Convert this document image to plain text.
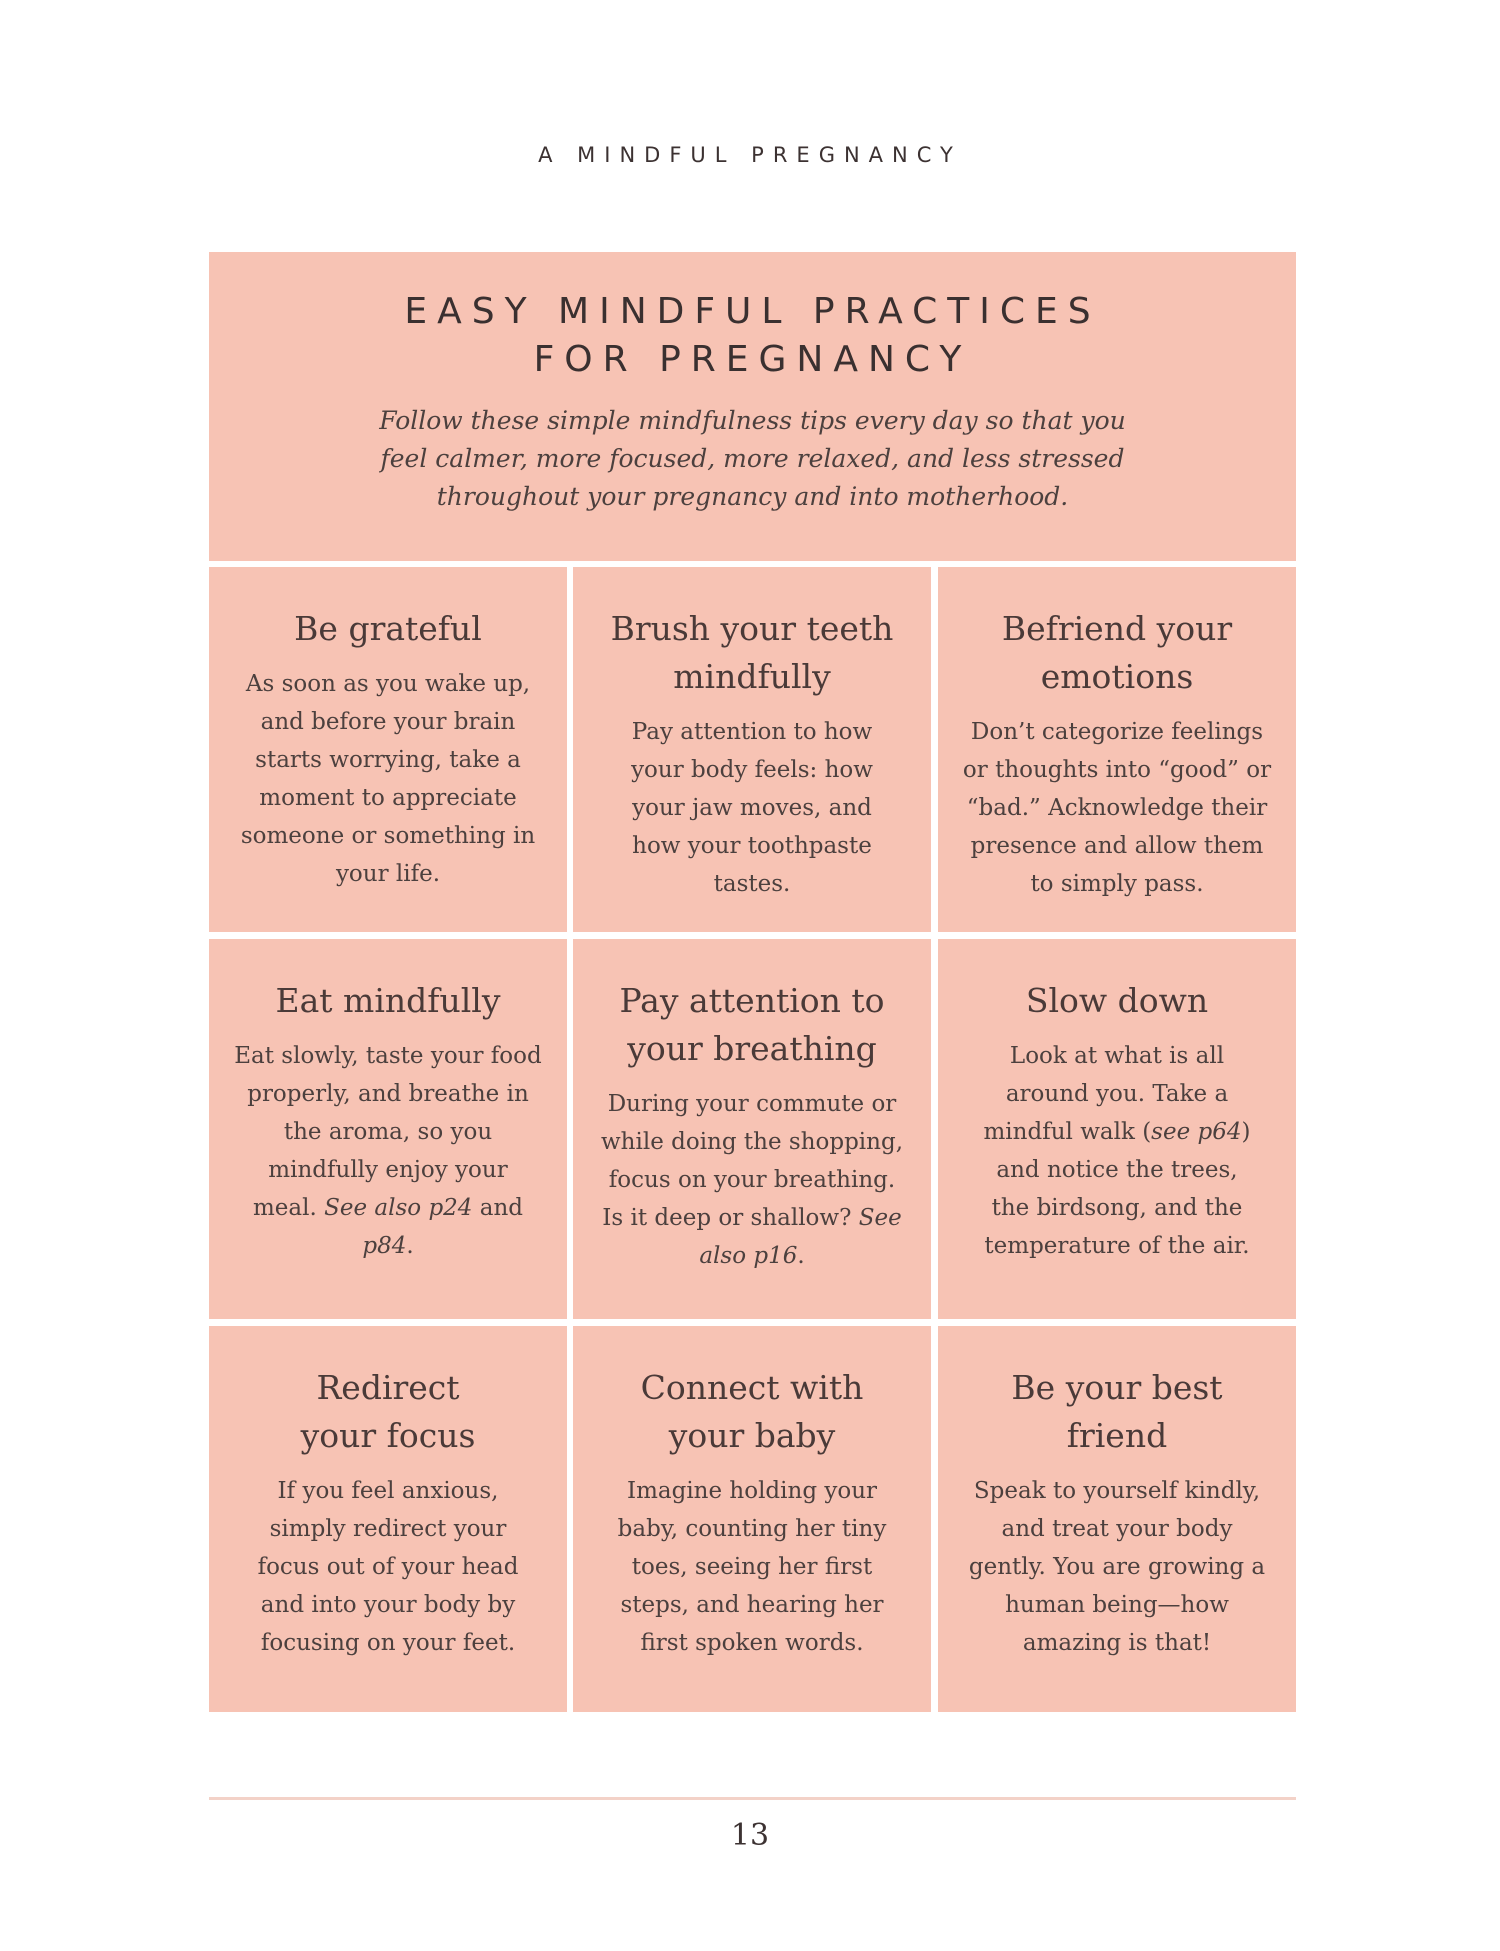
A MINDFUL PREGNANCY
EASY MINDFUL PRACTICES
FOR PREGNANCY

Follow these simple mindfulness tips every day so that you
feel calmer, more focused, more relaxed, and less stressed
throughout your pregnancy and into motherhood.

Be grateful

As soon as you wake up, and before your brain starts worrying, take a moment to appreciate someone or something in your life.

Brush your teeth mindfully

Pay attention to how your body feels: how your jaw moves, and how your toothpaste tastes.

Befriend your emotions

Don’t categorize feelings or thoughts into “good” or “bad.” Acknowledge their presence and allow them to simply pass.

Eat mindfully

Eat slowly, taste your food properly, and breathe in the aroma, so you mindfully enjoy your meal. See also p24 and p84.

Pay attention to your breathing

During your commute or while doing the shopping, focus on your breathing. Is it deep or shallow? See also p16.

Slow down

Look at what is all around you. Take a mindful walk (see p64) and notice the trees, the birdsong, and the temperature of the air.

Redirect your focus

If you feel anxious, simply redirect your focus out of your head and into your body by focusing on your feet.

Connect with your baby

Imagine holding your baby, counting her tiny toes, seeing her first steps, and hearing her first spoken words.

Be your best friend

Speak to yourself kindly, and treat your body gently. You are growing a human being—how amazing is that!

13
